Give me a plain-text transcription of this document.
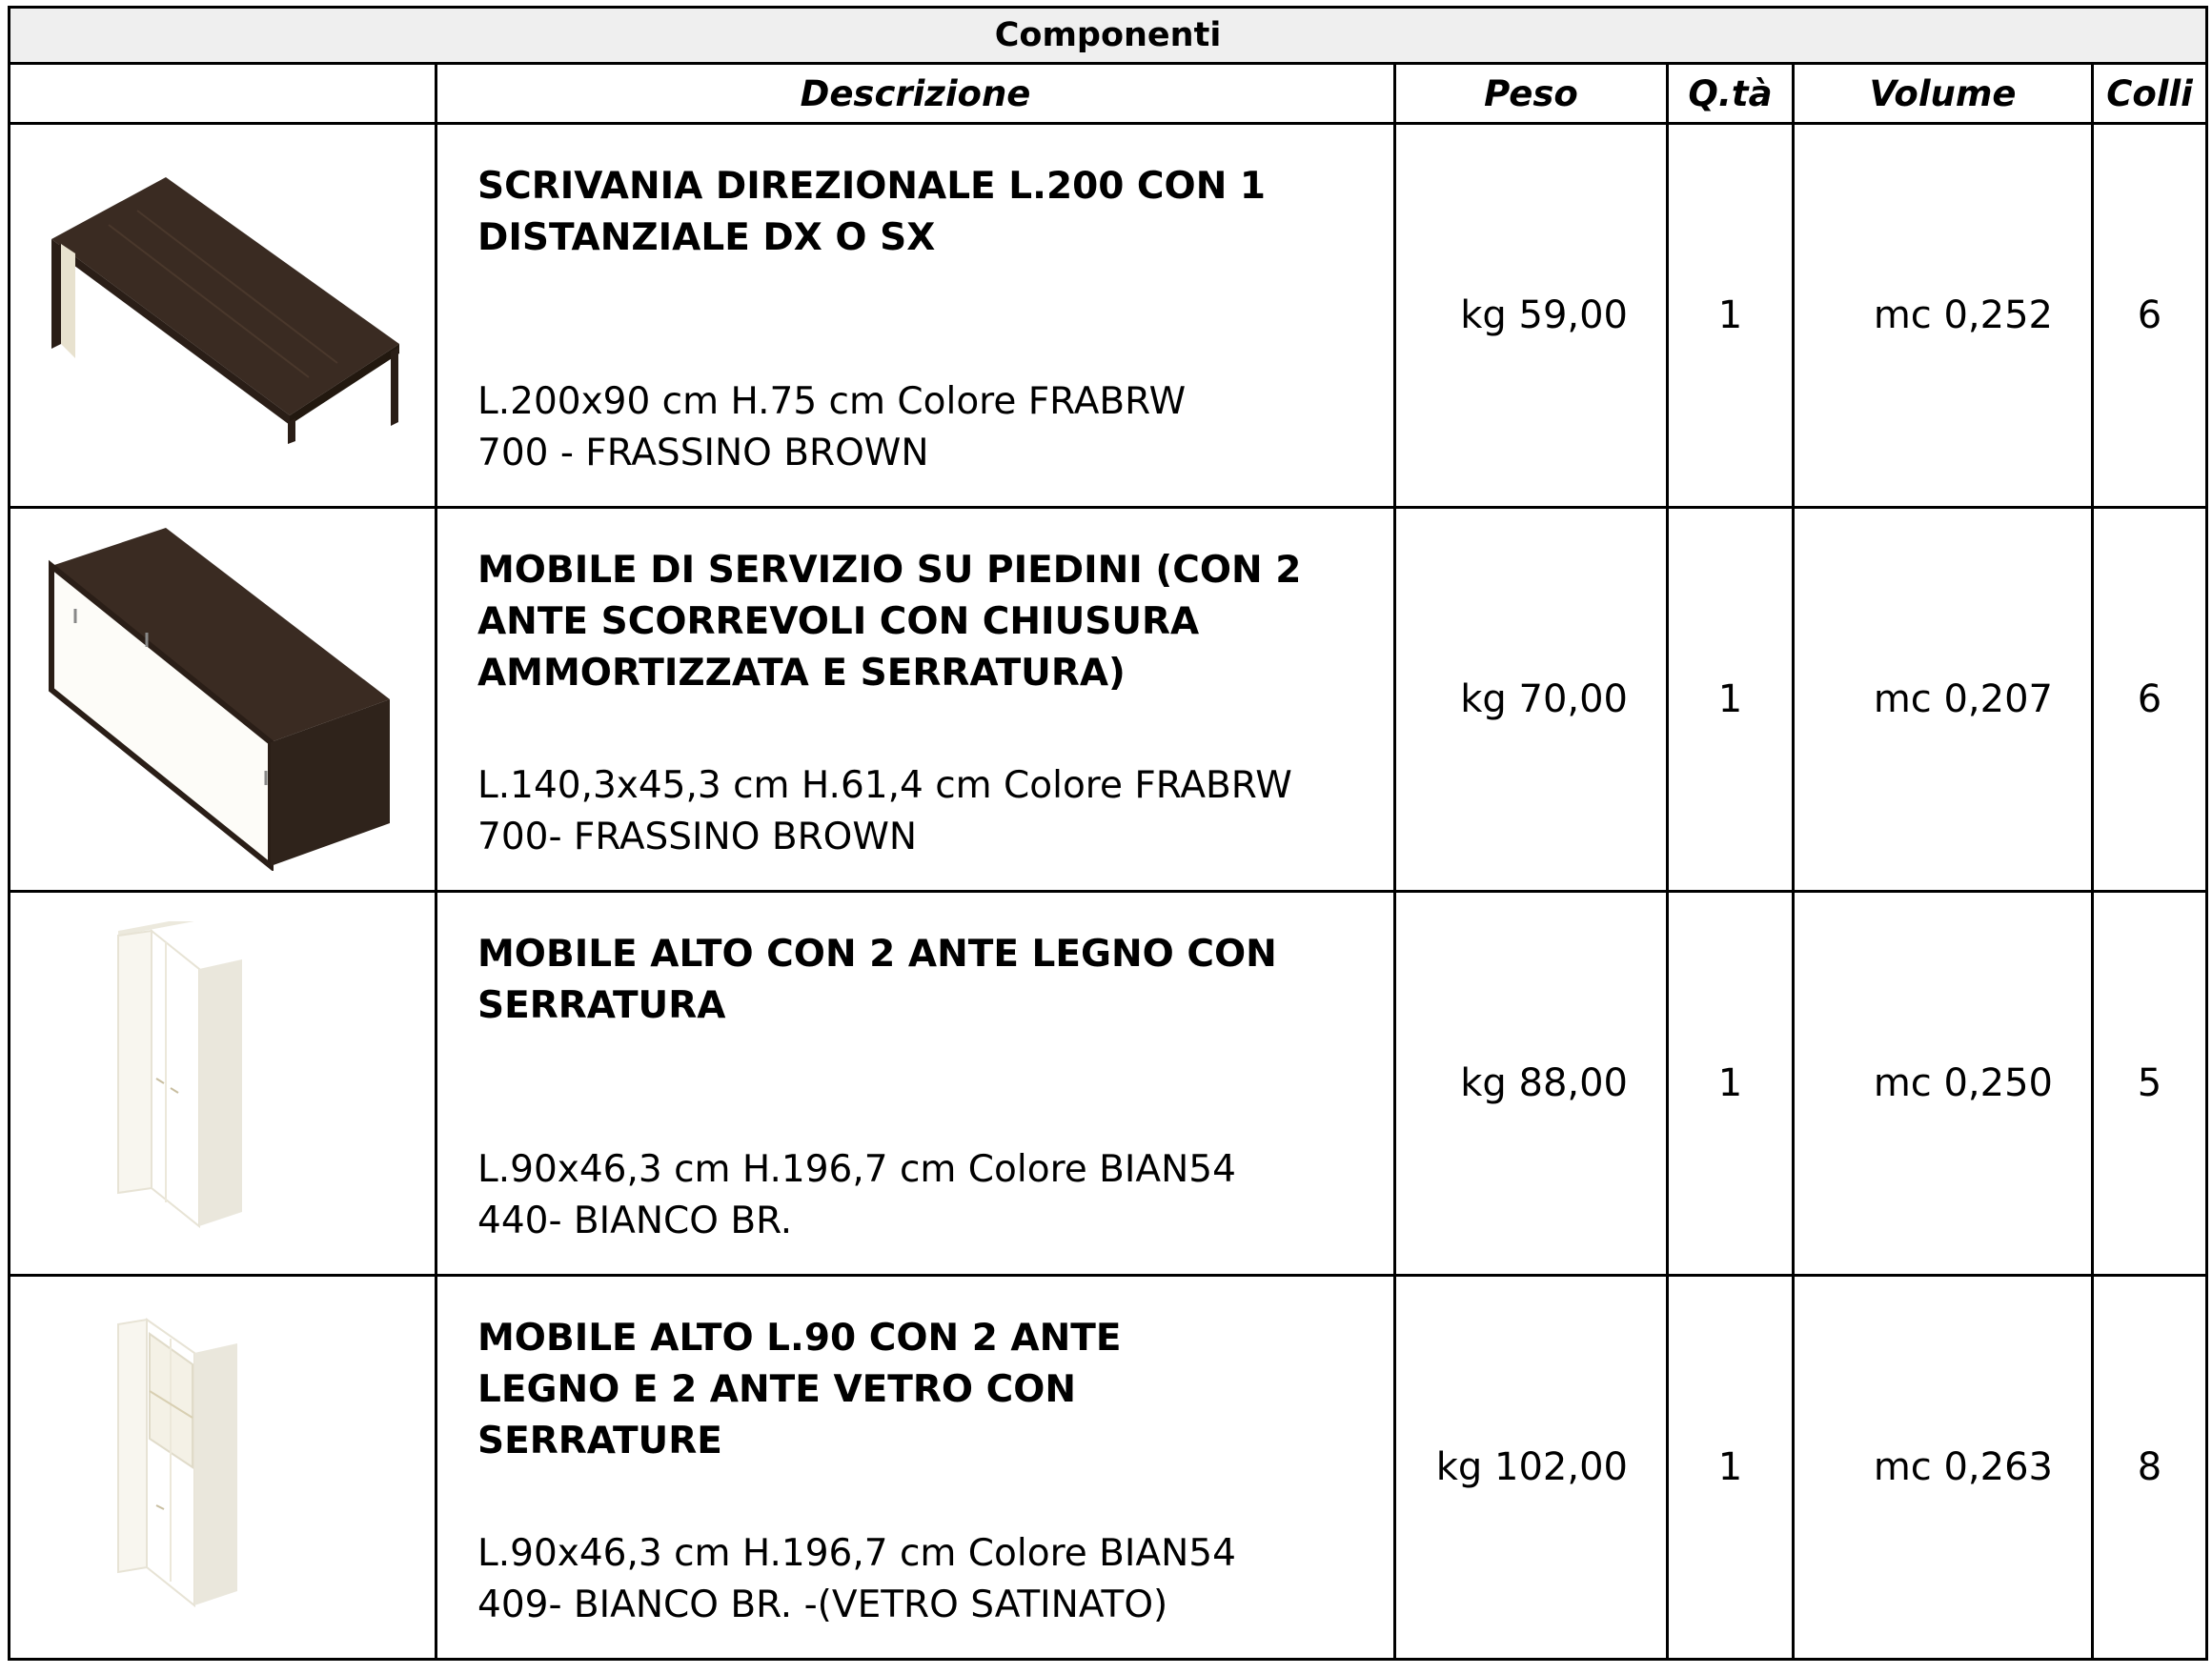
Componenti					
	Descrizione	Peso	Q.tà	Volume	Colli

SCRIVANIA DIREZIONALE L.200 CON 1
DISTANZIALE DX O SX
L.200x90 cm H.75 cm Colore FRABRW
700 - FRASSINO BROWN	kg 59,00	1	mc 0,252	6

MOBILE DI SERVIZIO SU PIEDINI (CON 2
ANTE SCORREVOLI CON CHIUSURA
AMMORTIZZATA E SERRATURA)
L.140,3x45,3 cm H.61,4 cm Colore FRABRW
700- FRASSINO BROWN	kg 70,00	1	mc 0,207	6

MOBILE ALTO CON 2 ANTE LEGNO CON
SERRATURA
L.90x46,3 cm H.196,7 cm Colore BIAN54
440- BIANCO BR.	kg 88,00	1	mc 0,250	5

MOBILE ALTO L.90 CON 2 ANTE
LEGNO E 2 ANTE VETRO CON
SERRATURE
L.90x46,3 cm H.196,7 cm Colore BIAN54
409- BIANCO BR. -(VETRO SATINATO)	kg 102,00	1	mc 0,263	8
